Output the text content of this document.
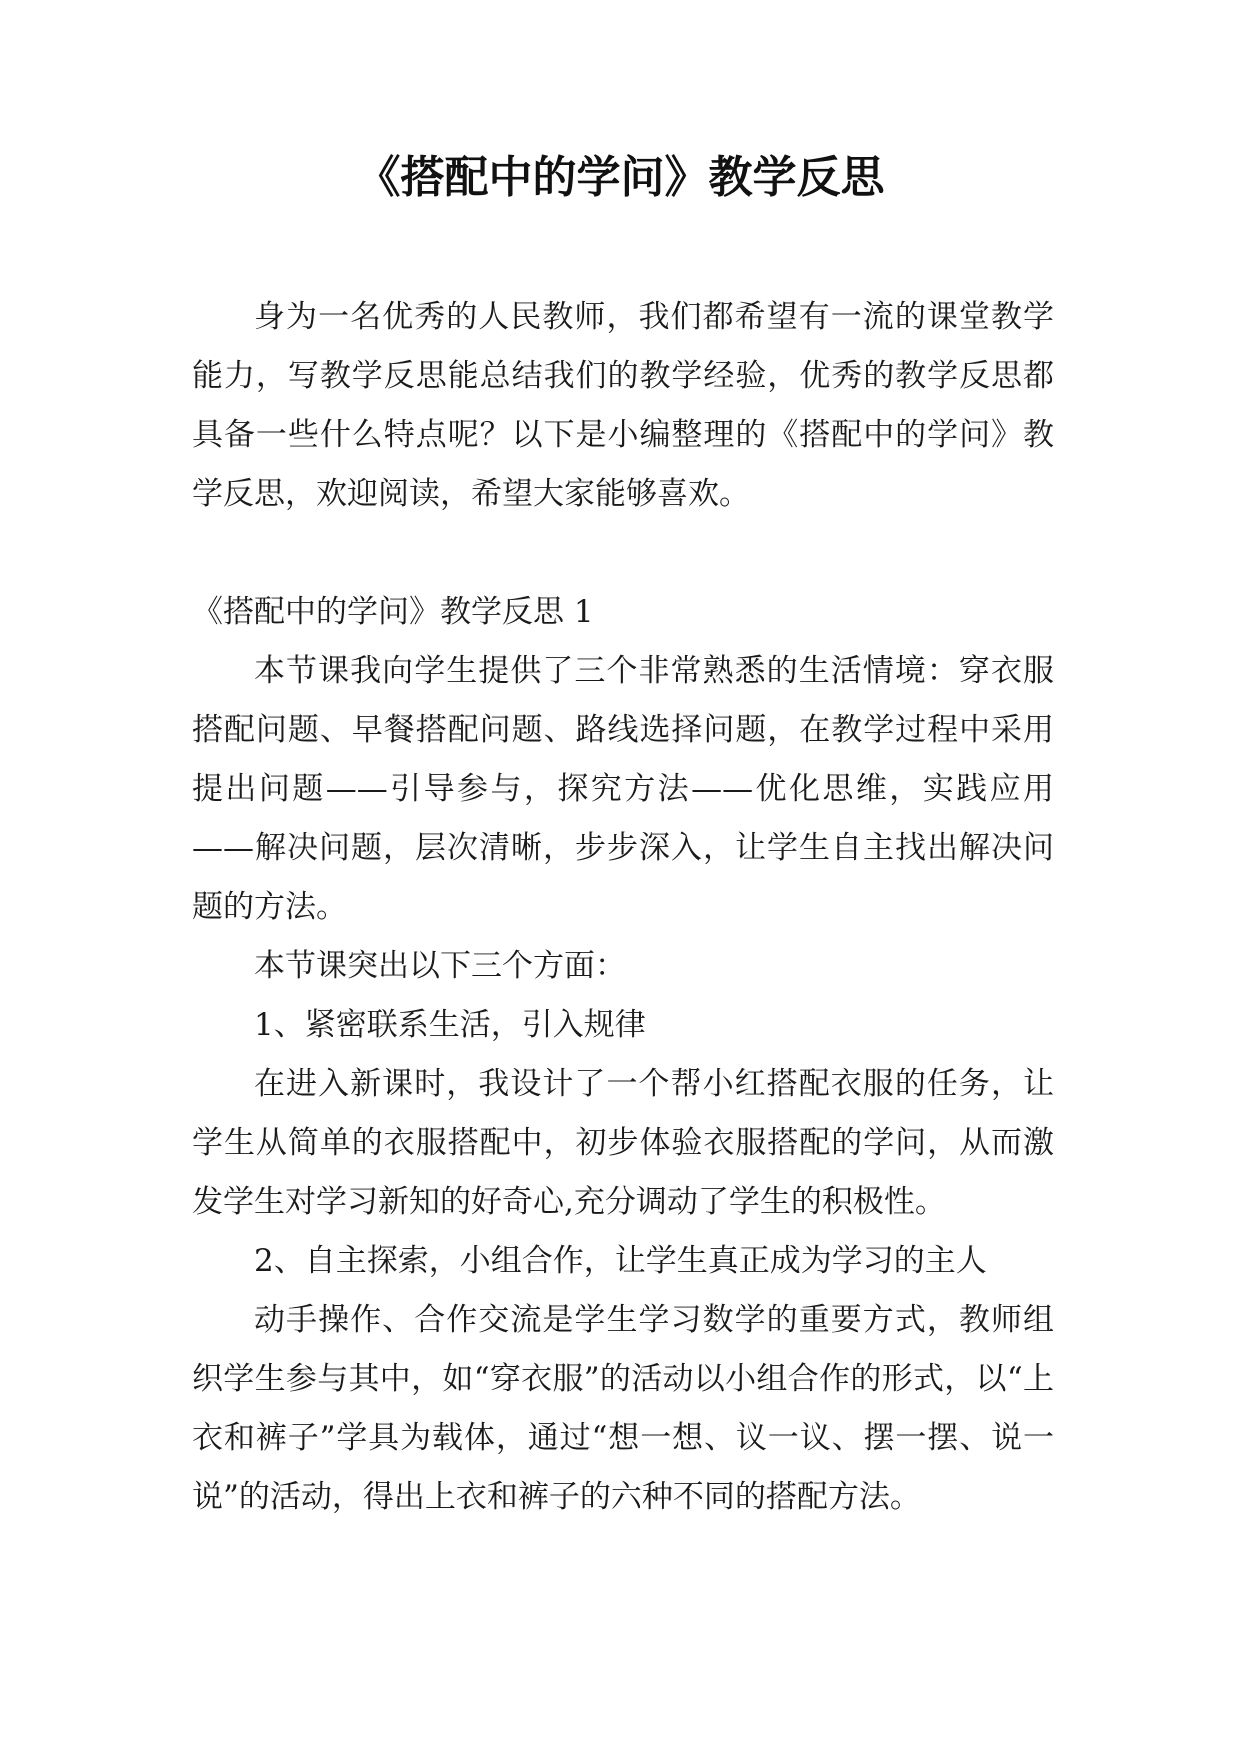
《搭配中的学问》教学反思

身为一名优秀的人民教师，我们都希望有一流的课堂教学能力，写教学反思能总结我们的教学经验，优秀的教学反思都具备一些什么特点呢？以下是小编整理的《搭配中的学问》教学反思，欢迎阅读，希望大家能够喜欢。

《搭配中的学问》教学反思 1

本节课我向学生提供了三个非常熟悉的生活情境：穿衣服搭配问题、早餐搭配问题、路线选择问题，在教学过程中采用提出问题——引导参与，探究方法——优化思维，实践应用——解决问题，层次清晰，步步深入，让学生自主找出解决问题的方法。

本节课突出以下三个方面：

1、紧密联系生活，引入规律

在进入新课时，我设计了一个帮小红搭配衣服的任务，让学生从简单的衣服搭配中，初步体验衣服搭配的学问，从而激发学生对学习新知的好奇心,充分调动了学生的积极性。

2、自主探索，小组合作，让学生真正成为学习的主人

动手操作、合作交流是学生学习数学的重要方式，教师组织学生参与其中，如“穿衣服”的活动以小组合作的形式，以“上衣和裤子”学具为载体，通过“想一想、议一议、摆一摆、说一说”的活动，得出上衣和裤子的六种不同的搭配方法。
